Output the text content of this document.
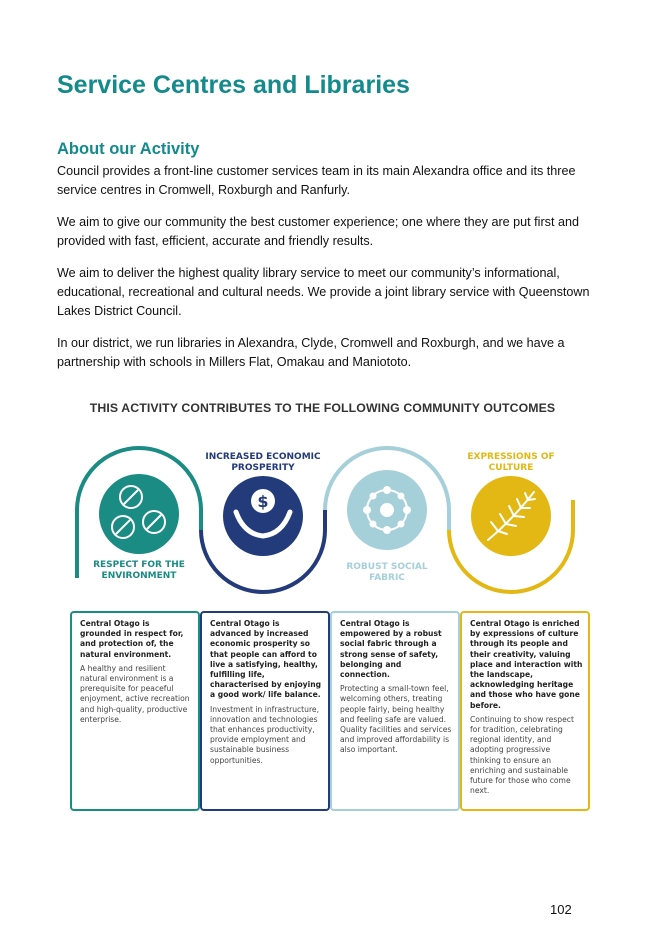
Service Centres and Libraries
About our Activity

Council provides a front-line customer services team in its main Alexandra office and its three service centres in Cromwell, Roxburgh and Ranfurly.

We aim to give our community the best customer experience; one where they are put first and provided with fast, efficient, accurate and friendly results.

We aim to deliver the highest quality library service to meet our community’s informational, educational, recreational and cultural needs. We provide a joint library service with Queenstown Lakes District Council.

In our district, we run libraries in Alexandra, Clyde, Cromwell and Roxburgh, and we have a partnership with schools in Millers Flat, Omakau and Maniototo.

THIS ACTIVITY CONTRIBUTES TO THE FOLLOWING COMMUNITY OUTCOMES

$
INCREASED ECONOMIC
PROSPERITY
EXPRESSIONS OF
CULTURE
RESPECT FOR THE
ENVIRONMENT
ROBUST SOCIAL
FABRIC

Central Otago is grounded in respect for, and protection of, the natural environment.

A healthy and resilient natural environment is a prerequisite for peaceful enjoyment, active recreation and high-quality, productive enterprise.

Central Otago is advanced by increased economic prosperity so that people can afford to live a satisfying, healthy, fulfilling life, characterised by enjoying a good work/ life balance.

Investment in infrastructure, innovation and technologies that enhances productivity, provide employment and sustainable business opportunities.

Central Otago is empowered by a robust social fabric through a strong sense of safety, belonging and connection.

Protecting a small-town feel, welcoming others, treating people fairly, being healthy and feeling safe are valued. Quality facilities and services and improved affordability is also important.

Central Otago is enriched by expressions of culture through its people and their creativity, valuing place and interaction with the landscape, acknowledging heritage and those who have gone before.

Continuing to show respect for tradition, celebrating regional identity, and adopting progressive thinking to ensure an enriching and sustainable future for those who come next.

102
